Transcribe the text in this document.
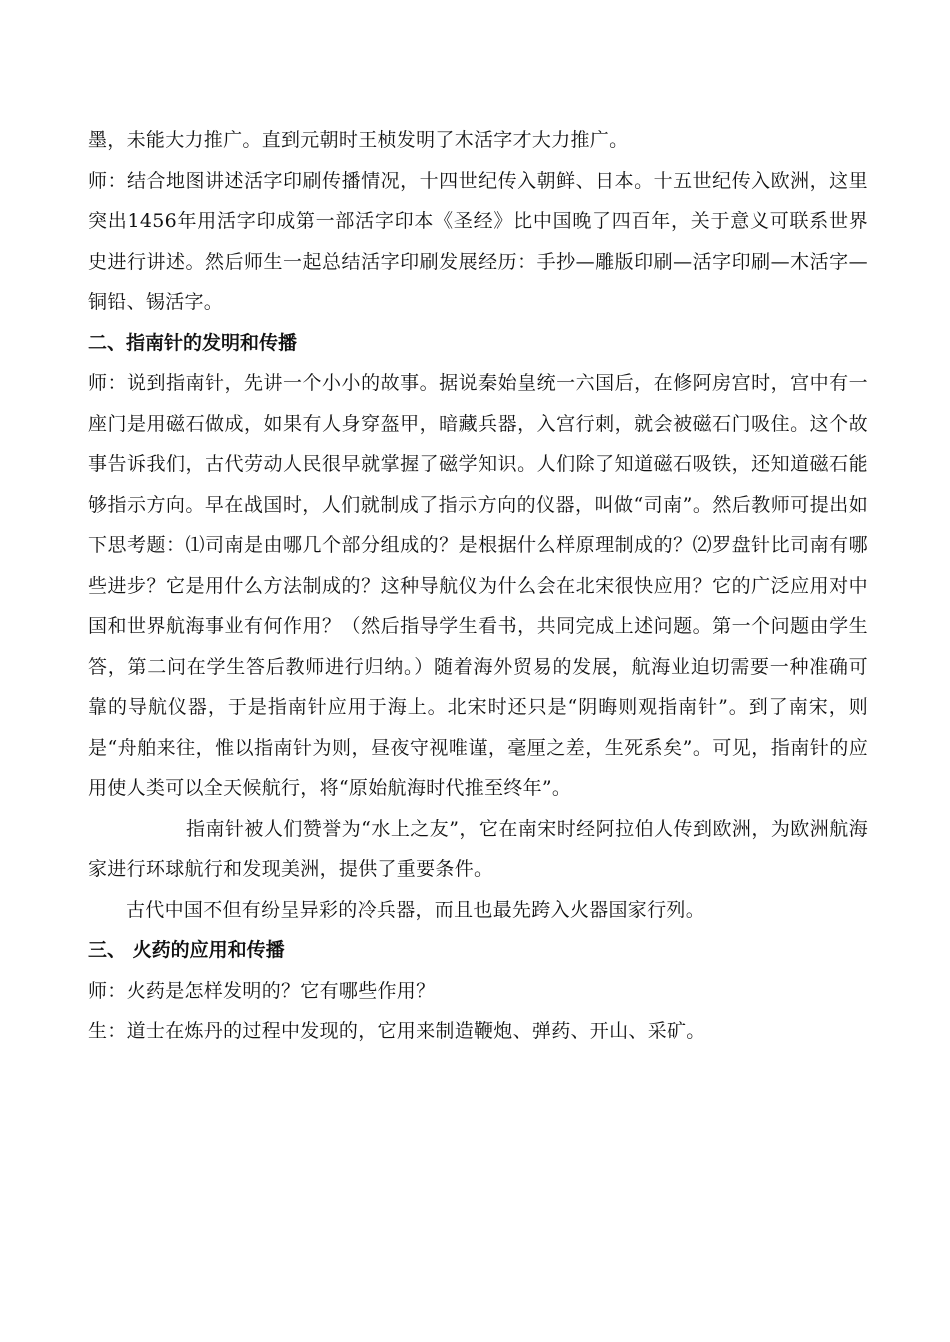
墨，未能大力推广。直到元朝时王桢发明了木活字才大力推广。

师：结合地图讲述活字印刷传播情况，十四世纪传入朝鲜、日本。十五世纪传入欧洲，这里突出1456年用活字印成第一部活字印本《圣经》比中国晚了四百年，关于意义可联系世界史进行讲述。然后师生一起总结活字印刷发展经历：手抄—雕版印刷—活字印刷—木活字—铜铅、锡活字。

二、指南针的发明和传播

师：说到指南针，先讲一个小小的故事。据说秦始皇统一六国后，在修阿房宫时，宫中有一座门是用磁石做成，如果有人身穿盔甲，暗藏兵器，入宫行刺，就会被磁石门吸住。这个故事告诉我们，古代劳动人民很早就掌握了磁学知识。人们除了知道磁石吸铁，还知道磁石能够指示方向。早在战国时，人们就制成了指示方向的仪器，叫做“司南”。然后教师可提出如下思考题：⑴司南是由哪几个部分组成的？是根据什么样原理制成的？⑵罗盘针比司南有哪些进步？它是用什么方法制成的？这种导航仪为什么会在北宋很快应用？它的广泛应用对中国和世界航海事业有何作用？（然后指导学生看书，共同完成上述问题。第一个问题由学生答，第二问在学生答后教师进行归纳。）随着海外贸易的发展，航海业迫切需要一种准确可靠的导航仪器，于是指南针应用于海上。北宋时还只是“阴晦则观指南针”。到了南宋，则是“舟舶来往，惟以指南针为则，昼夜守视唯谨，毫厘之差，生死系矣”。可见，指南针的应用使人类可以全天候航行，将“原始航海时代推至终年”。

指南针被人们赞誉为“水上之友”，它在南宋时经阿拉伯人传到欧洲，为欧洲航海家进行环球航行和发现美洲，提供了重要条件。

古代中国不但有纷呈异彩的冷兵器，而且也最先跨入火器国家行列。

三、 火药的应用和传播

师：火药是怎样发明的？它有哪些作用？

生：道士在炼丹的过程中发现的，它用来制造鞭炮、弹药、开山、采矿。
